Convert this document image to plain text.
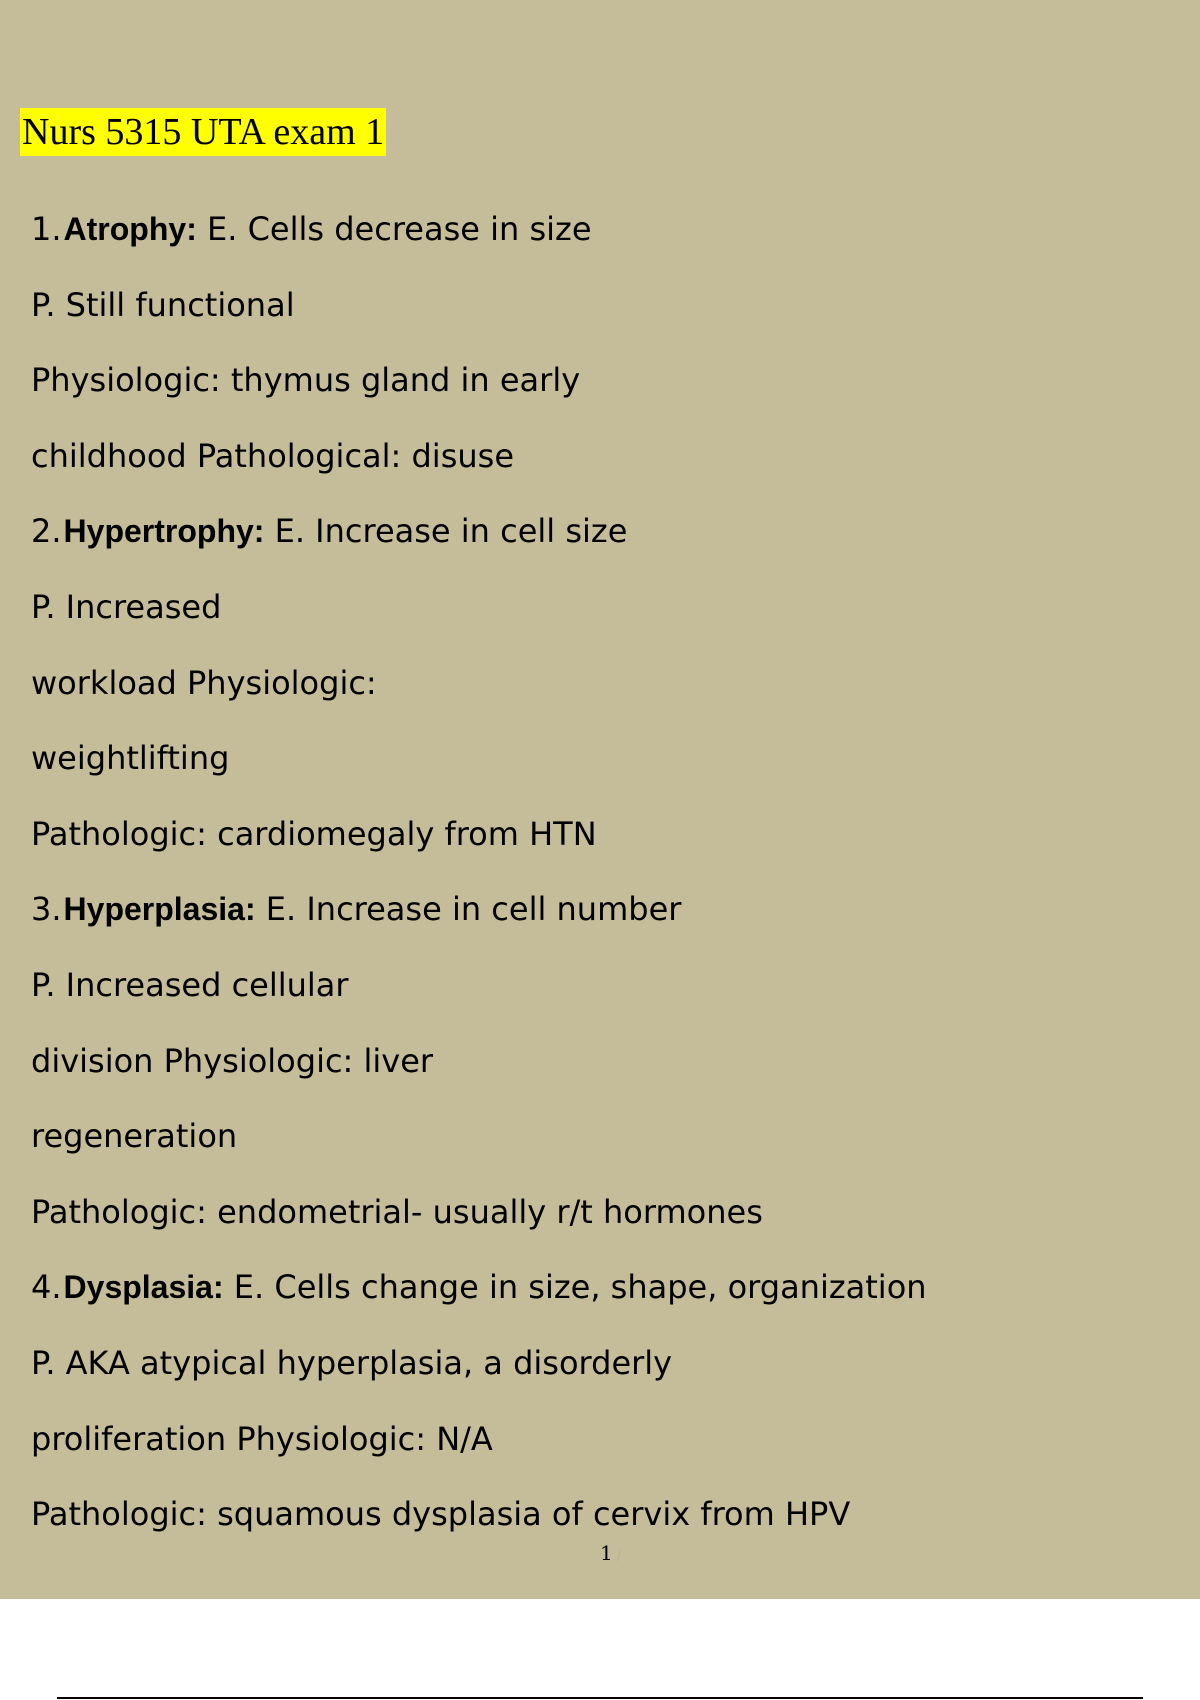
Nurs 5315 UTA exam 1
1.Atrophy: E. Cells decrease in size
P. Still functional
Physiologic: thymus gland in early
childhood Pathological: disuse
2.Hypertrophy: E. Increase in cell size
P. Increased
workload Physiologic:
weightlifting
Pathologic: cardiomegaly from HTN
3.Hyperplasia: E. Increase in cell number
P. Increased cellular
division Physiologic: liver
regeneration
Pathologic: endometrial- usually r/t hormones
4.Dysplasia: E. Cells change in size, shape, organization
P. AKA atypical hyperplasia, a disorderly
proliferation Physiologic: N/A
Pathologic: squamous dysplasia of cervix from HPV
1 /
